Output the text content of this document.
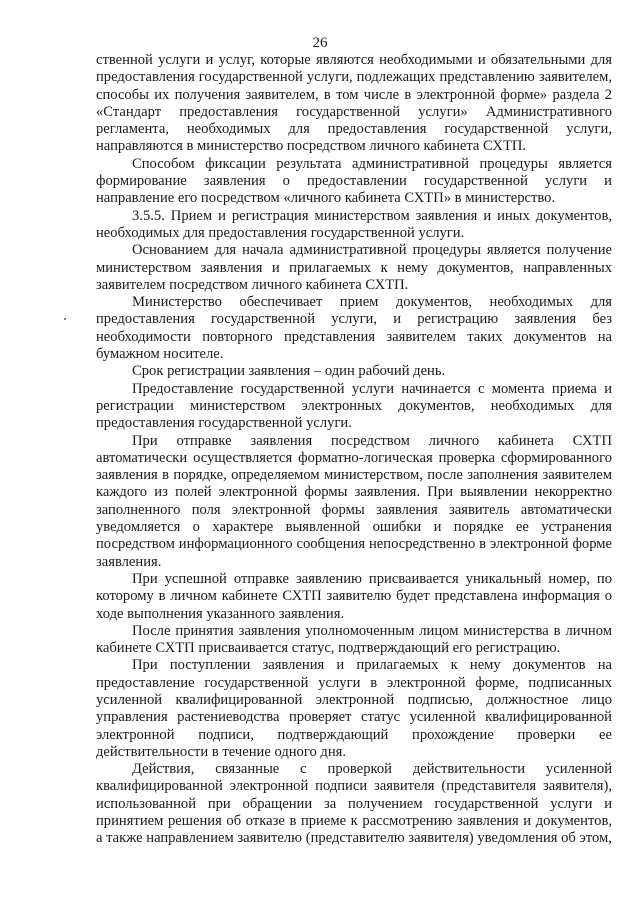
26

ственной услуги и услуг, которые являются необходимыми и обязательными для предоставления государственной услуги, подлежащих представлению заявителем, способы их получения заявителем, в том числе в электронной форме» раздела 2 «Стандарт предоставления государственной услуги» Административного регламента, необходимых для предоставления государственной услуги, направляются в министерство посредством личного кабинета СХТП.

Способом фиксации результата административной процедуры является формирование заявления о предоставлении государственной услуги и направление его посредством «личного кабинета СХТП» в министерство.

3.5.5. Прием и регистрация министерством заявления и иных документов, необходимых для предоставления государственной услуги.

Основанием для начала административной процедуры является получение министерством заявления и прилагаемых к нему документов, направленных заявителем посредством личного кабинета СХТП.

Министерство обеспечивает прием документов, необходимых для предоставления государственной услуги, и регистрацию заявления без необходимости повторного представления заявителем таких документов на бумажном носителе.

Срок регистрации заявления – один рабочий день.

Предоставление государственной услуги начинается с момента приема и регистрации министерством электронных документов, необходимых для предоставления государственной услуги.

При отправке заявления посредством личного кабинета СХТП автоматически осуществляется форматно-логическая проверка сформированного заявления в порядке, определяемом министерством, после заполнения заявителем каждого из полей электронной формы заявления. При выявлении некорректно заполненного поля электронной формы заявления заявитель автоматически уведомляется о характере выявленной ошибки и порядке ее устранения посредством информационного сообщения непосредственно в электронной форме заявления.

При успешной отправке заявлению присваивается уникальный номер, по которому в личном кабинете СХТП заявителю будет представлена информация о ходе выполнения указанного заявления.

После принятия заявления уполномоченным лицом министерства в личном кабинете СХТП присваивается статус, подтверждающий его регистрацию.

При поступлении заявления и прилагаемых к нему документов на предоставление государственной услуги в электронной форме, подписанных усиленной квалифицированной электронной подписью, должностное лицо управления растениеводства проверяет статус усиленной квалифицированной электронной подписи, подтверждающий прохождение проверки ее действительности в течение одного дня.

Действия, связанные с проверкой действительности усиленной квалифицированной электронной подписи заявителя (представителя заявителя), использованной при обращении за получением государственной услуги и принятием решения об отказе в приеме к рассмотрению заявления и документов, а также направлением заявителю (представителю заявителя) уведомления об этом,
